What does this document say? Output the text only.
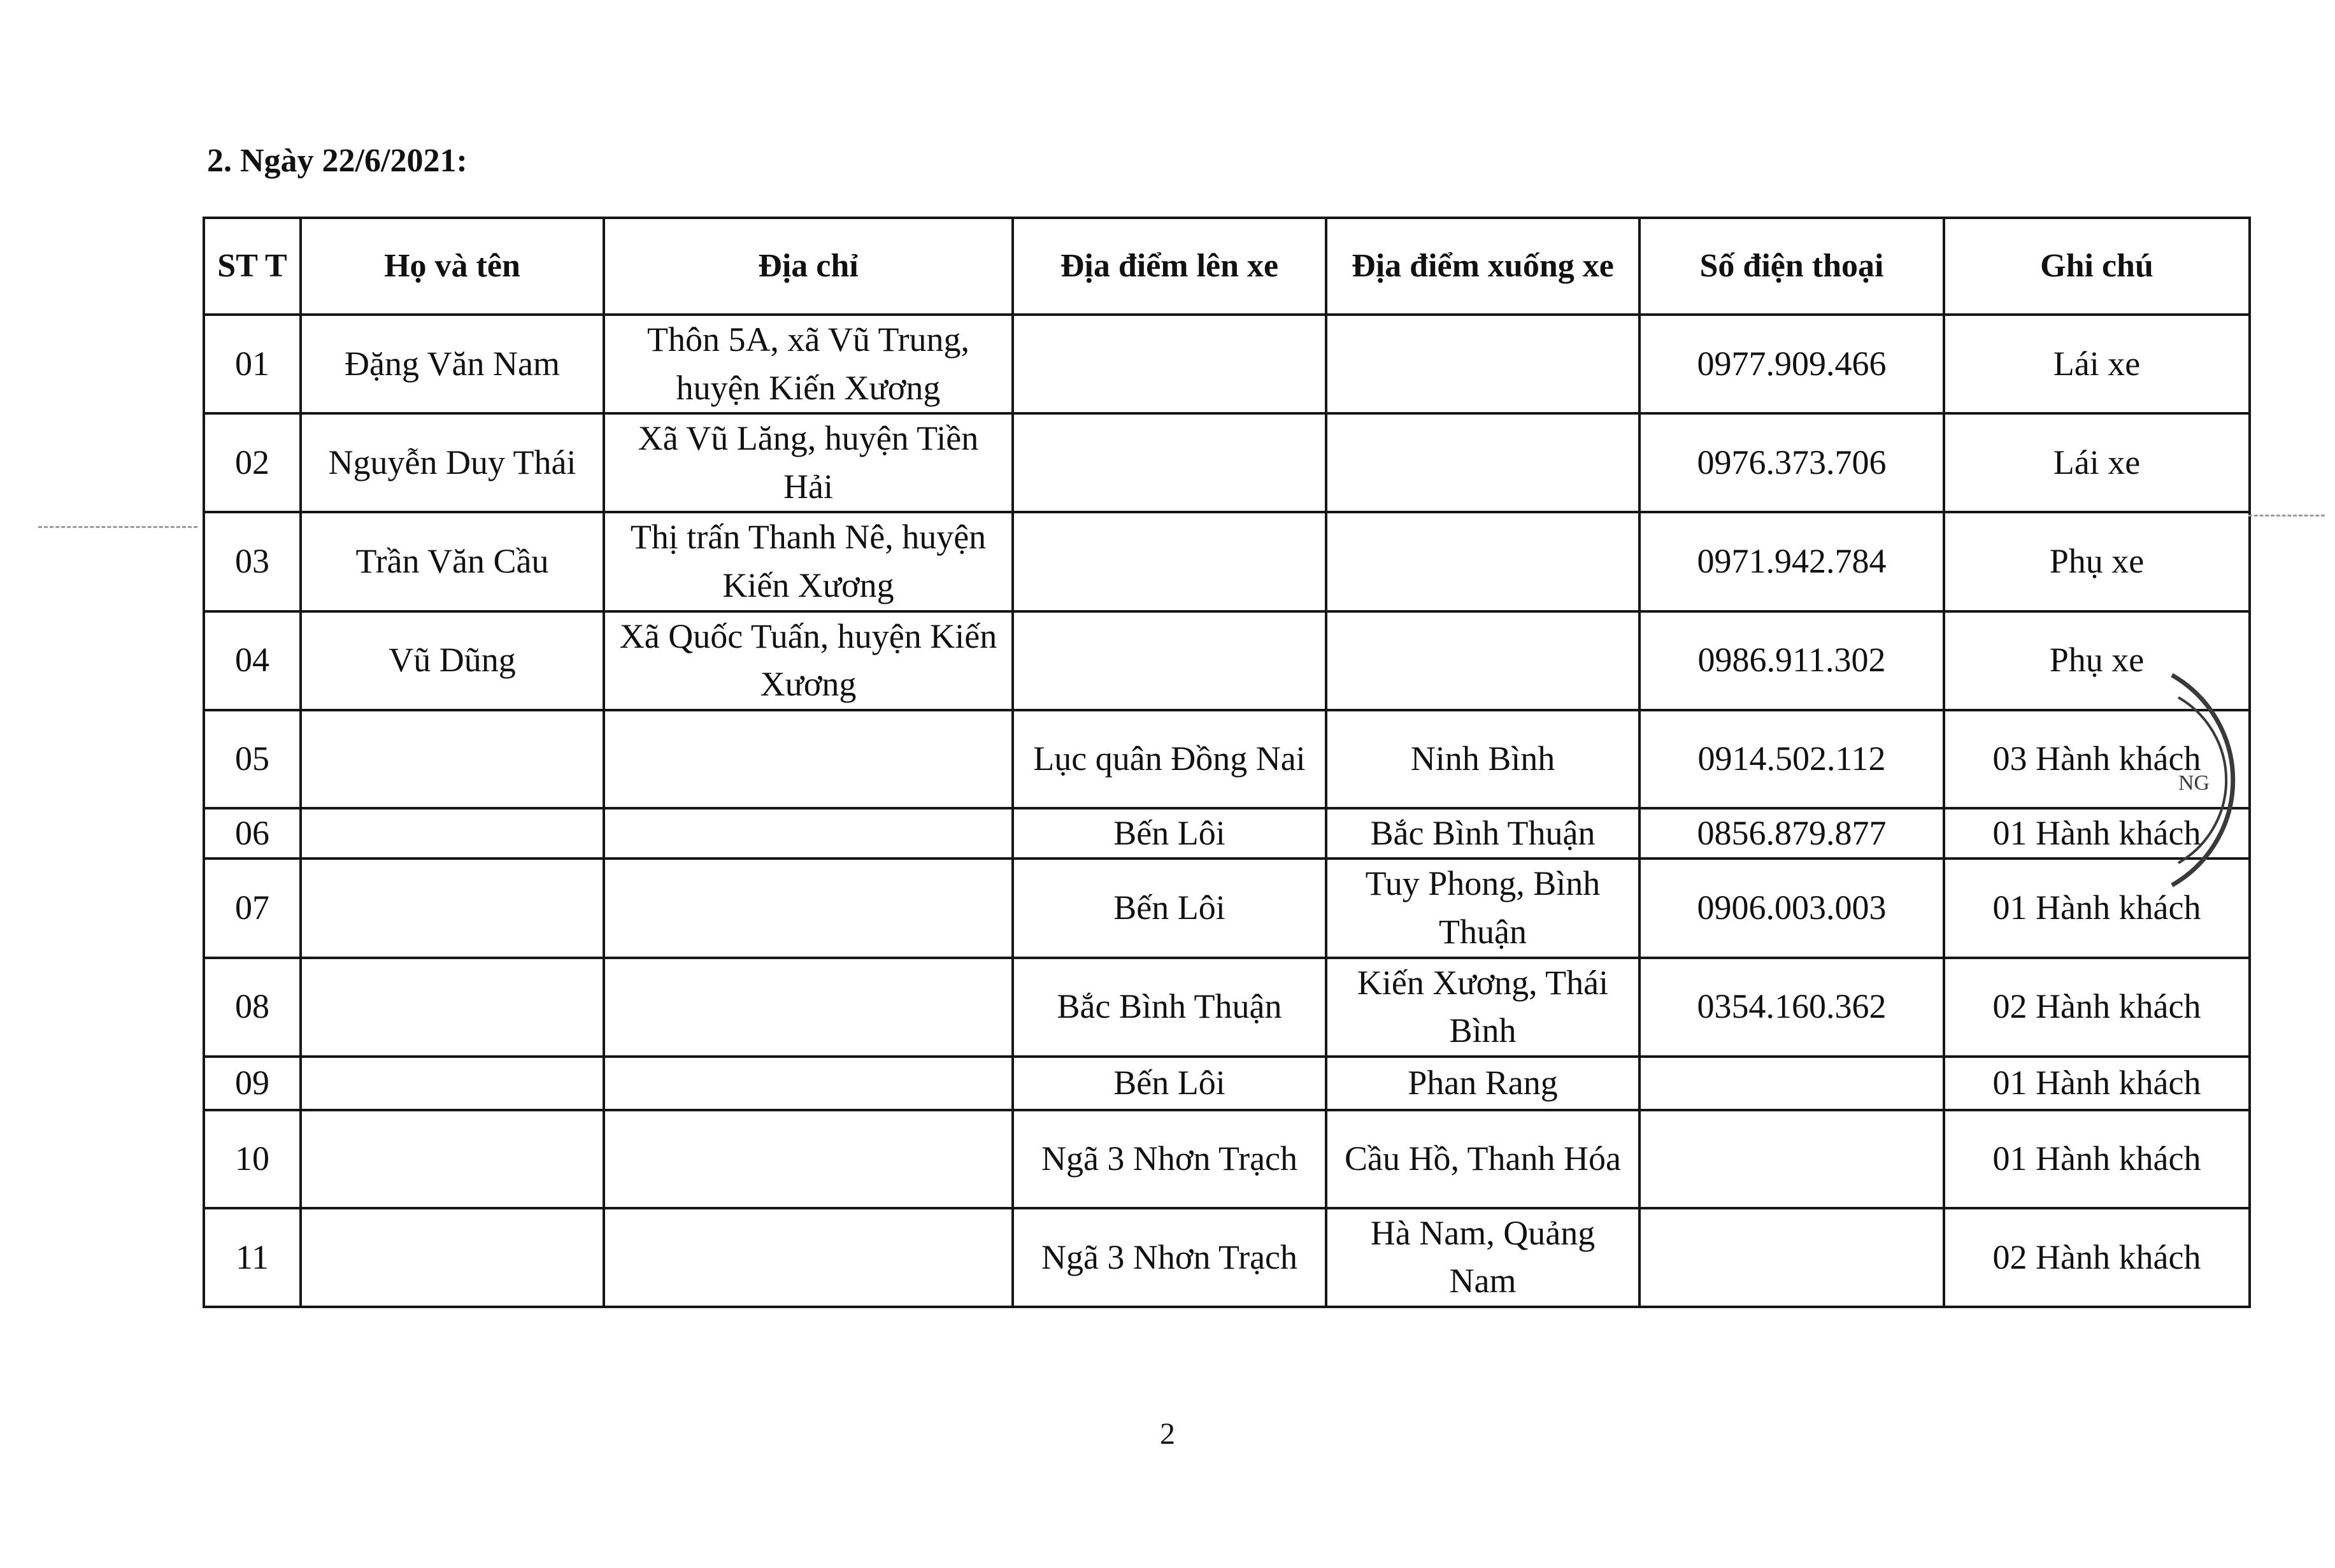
2. Ngày 22/6/2021:

ST T	Họ và tên	Địa chỉ	Địa điểm lên xe	Địa điểm xuống xe	Số điện thoại	Ghi chú
01	Đặng Văn Nam	Thôn 5A, xã Vũ Trung, huyện Kiến Xương			0977.909.466	Lái xe
02	Nguyễn Duy Thái	Xã Vũ Lăng, huyện Tiền Hải			0976.373.706	Lái xe
03	Trần Văn Cầu	Thị trấn Thanh Nê, huyện Kiến Xương			0971.942.784	Phụ xe
04	Vũ Dũng	Xã Quốc Tuấn, huyện Kiến Xương			0986.911.302	Phụ xe
05			Lục quân Đồng Nai	Ninh Bình	0914.502.112	03 Hành khách
06			Bến Lôi	Bắc Bình Thuận	0856.879.877	01 Hành khách
07			Bến Lôi	Tuy Phong, Bình Thuận	0906.003.003	01 Hành khách
08			Bắc Bình Thuận	Kiến Xương, Thái Bình	0354.160.362	02 Hành khách
09			Bến Lôi	Phan Rang		01 Hành khách
10			Ngã 3 Nhơn Trạch	Cầu Hồ, Thanh Hóa		01 Hành khách
11			Ngã 3 Nhơn Trạch	Hà Nam, Quảng Nam		02 Hành khách
NG
2
